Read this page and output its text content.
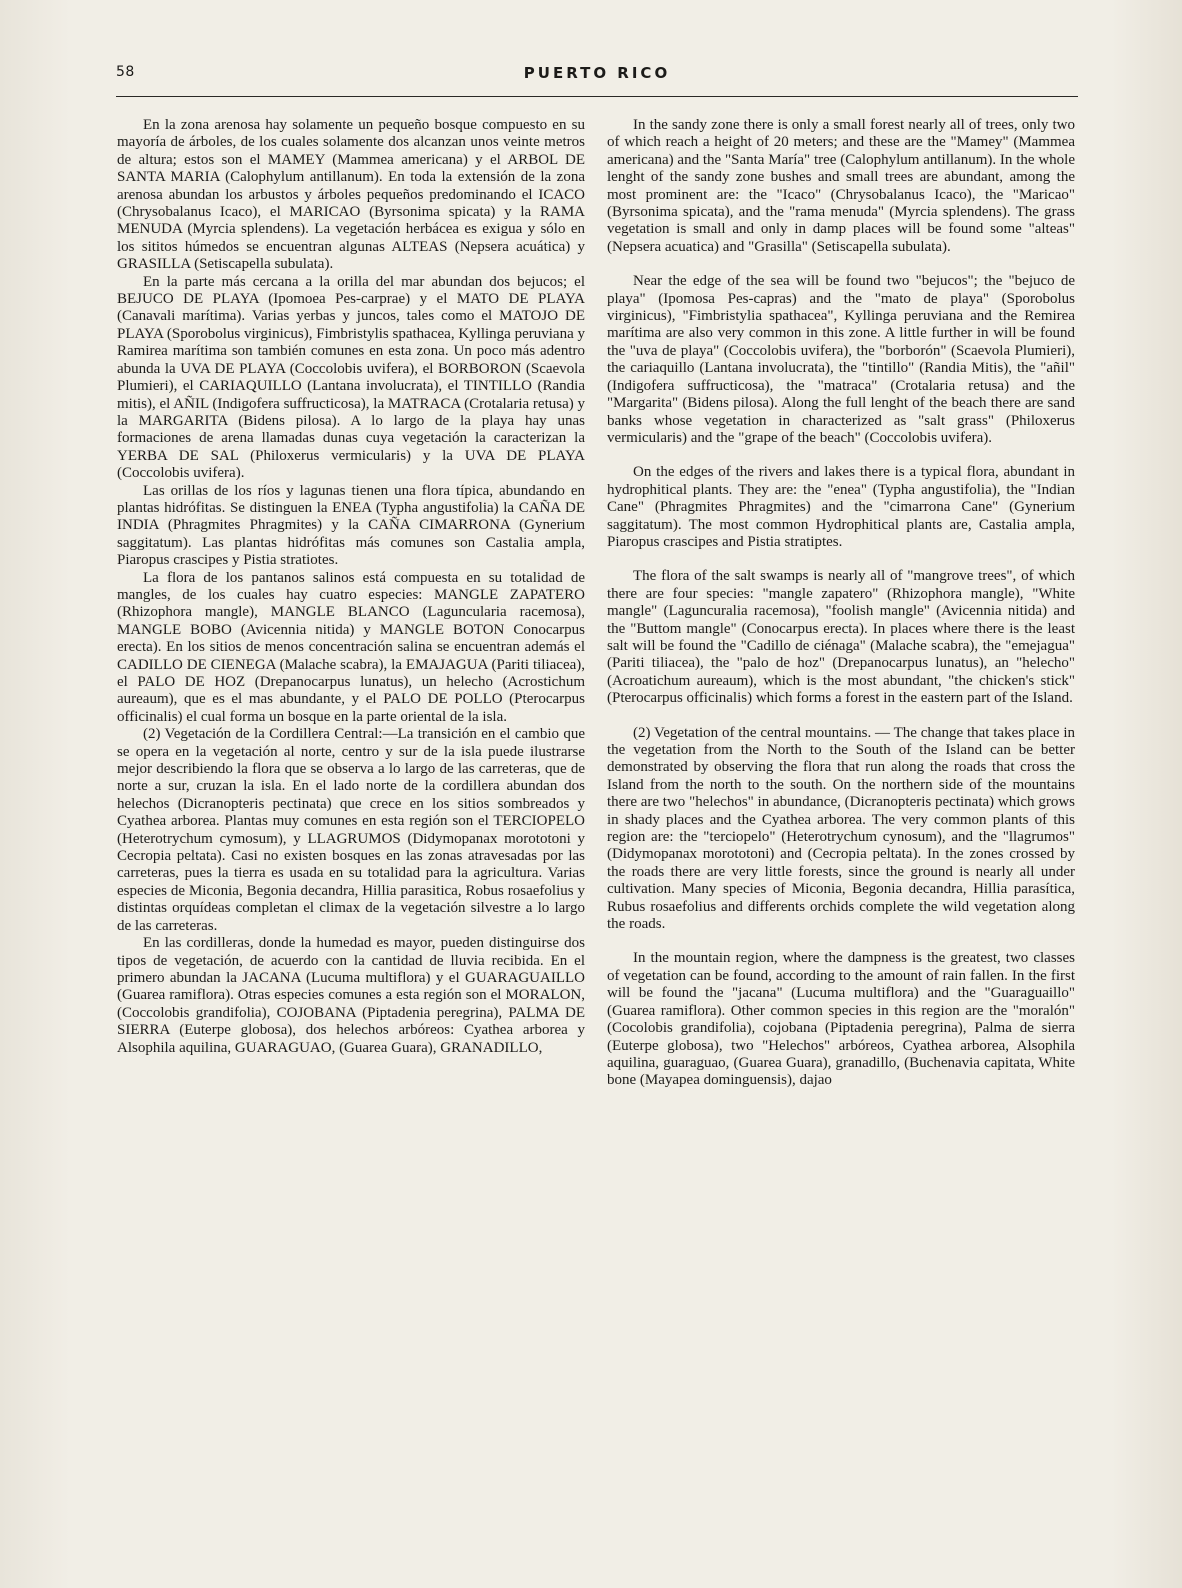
58	PUERTO RICO

En la zona arenosa hay solamente un pequeño bosque compuesto en su mayoría de árboles, de los cuales solamente dos alcanzan unos veinte metros de altura; estos son el MAMEY (Mammea americana) y el ARBOL DE SANTA MARIA (Calophylum antillanum). En toda la extensión de la zona arenosa abundan los arbustos y árboles pequeños predominando el ICACO (Chrysobalanus Icaco), el MARICAO (Byrsonima spicata) y la RAMA MENUDA (Myrcia splendens). La vegetación herbácea es exigua y sólo en los sititos húmedos se encuentran algunas ALTEAS (Nepsera acuática) y GRASILLA (Setiscapella subulata).

En la parte más cercana a la orilla del mar abundan dos bejucos; el BEJUCO DE PLAYA (Ipomoea Pes-carprae) y el MATO DE PLAYA (Canavali marítima). Varias yerbas y juncos, tales como el MATOJO DE PLAYA (Sporobolus virginicus), Fimbristylis spathacea, Kyllinga peruviana y Ramirea marítima son también comunes en esta zona. Un poco más adentro abunda la UVA DE PLAYA (Coccolobis uvifera), el BORBORON (Scaevola Plumieri), el CARIAQUILLO (Lantana involucrata), el TINTILLO (Randia mitis), el AÑIL (Indigofera suffructicosa), la MATRACA (Crotalaria retusa) y la MARGARITA (Bidens pilosa). A lo largo de la playa hay unas formaciones de arena llamadas dunas cuya vegetación la caracterizan la YERBA DE SAL (Philoxerus vermicularis) y la UVA DE PLAYA (Coccolobis uvifera).

Las orillas de los ríos y lagunas tienen una flora típica, abundando en plantas hidrófitas. Se distinguen la ENEA (Typha angustifolia) la CAÑA DE INDIA (Phragmites Phragmites) y la CAÑA CIMARRONA (Gynerium saggitatum). Las plantas hidrófitas más comunes son Castalia ampla, Piaropus crascipes y Pistia stratiotes.

La flora de los pantanos salinos está compuesta en su totalidad de mangles, de los cuales hay cuatro especies: MANGLE ZAPATERO (Rhizophora mangle), MANGLE BLANCO (Laguncularia racemosa), MANGLE BOBO (Avicennia nitida) y MANGLE BOTON Conocarpus erecta). En los sitios de menos concentración salina se encuentran además el CADILLO DE CIENEGA (Malache scabra), la EMAJAGUA (Pariti tiliacea), el PALO DE HOZ (Drepanocarpus lunatus), un helecho (Acrostichum aureaum), que es el mas abundante, y el PALO DE POLLO (Pterocarpus officinalis) el cual forma un bosque en la parte oriental de la isla.

(2) Vegetación de la Cordillera Central:—La transición en el cambio que se opera en la vegetación al norte, centro y sur de la isla puede ilustrarse mejor describiendo la flora que se observa a lo largo de las carreteras, que de norte a sur, cruzan la isla. En el lado norte de la cordillera abundan dos helechos (Dicranopteris pectinata) que crece en los sitios sombreados y Cyathea arborea. Plantas muy comunes en esta región son el TERCIOPELO (Heterotrychum cymosum), y LLAGRUMOS (Didymopanax morototoni y Cecropia peltata). Casi no existen bosques en las zonas atravesadas por las carreteras, pues la tierra es usada en su totalidad para la agricultura. Varias especies de Miconia, Begonia decandra, Hillia parasitica, Robus rosaefolius y distintas orquídeas completan el climax de la vegetación silvestre a lo largo de las carreteras.

En las cordilleras, donde la humedad es mayor, pueden distinguirse dos tipos de vegetación, de acuerdo con la cantidad de lluvia recibida. En el primero abundan la JACANA (Lucuma multiflora) y el GUARAGUAILLO (Guarea ramiflora). Otras especies comunes a esta región son el MORALON, (Coccolobis grandifolia), COJOBANA (Piptadenia peregrina), PALMA DE SIERRA (Euterpe globosa), dos helechos arbóreos: Cyathea arborea y Alsophila aquilina, GUARAGUAO, (Guarea Guara), GRANADILLO,

In the sandy zone there is only a small forest nearly all of trees, only two of which reach a height of 20 meters; and these are the "Mamey" (Mammea americana) and the "Santa María" tree (Calophylum antillanum). In the whole lenght of the sandy zone bushes and small trees are abundant, among the most prominent are: the "Icaco" (Chrysobalanus Icaco), the "Maricao" (Byrsonima spicata), and the "rama menuda" (Myrcia splendens). The grass vegetation is small and only in damp places will be found some "alteas" (Nepsera acuatica) and "Grasilla" (Setiscapella subulata).

Near the edge of the sea will be found two "bejucos"; the "bejuco de playa" (Ipomosa Pes-capras) and the "mato de playa" (Sporobolus virginicus), "Fimbristylia spathacea", Kyllinga peruviana and the Remirea marítima are also very common in this zone. A little further in will be found the "uva de playa" (Coccolobis uvifera), the "borborón" (Scaevola Plumieri), the cariaquillo (Lantana involucrata), the "tintillo" (Randia Mitis), the "añil" (Indigofera suffructicosa), the "matraca" (Crotalaria retusa) and the "Margarita" (Bidens pilosa). Along the full lenght of the beach there are sand banks whose vegetation in characterized as "salt grass" (Philoxerus vermicularis) and the "grape of the beach" (Coccolobis uvifera).

On the edges of the rivers and lakes there is a typical flora, abundant in hydrophitical plants. They are: the "enea" (Typha angustifolia), the "Indian Cane" (Phragmites Phragmites) and the "cimarrona Cane" (Gynerium saggitatum). The most common Hydrophitical plants are, Castalia ampla, Piaropus crascipes and Pistia stratiptes.

The flora of the salt swamps is nearly all of "mangrove trees", of which there are four species: "mangle zapatero" (Rhizophora mangle), "White mangle" (Laguncuralia racemosa), "foolish mangle" (Avicennia nitida) and the "Buttom mangle" (Conocarpus erecta). In places where there is the least salt will be found the "Cadillo de ciénaga" (Malache scabra), the "emejagua" (Pariti tiliacea), the "palo de hoz" (Drepanocarpus lunatus), an "helecho" (Acroatichum aureaum), which is the most abundant, "the chicken's stick" (Pterocarpus officinalis) which forms a forest in the eastern part of the Island.

(2) Vegetation of the central mountains. — The change that takes place in the vegetation from the North to the South of the Island can be better demonstrated by observing the flora that run along the roads that cross the Island from the north to the south. On the northern side of the mountains there are two "helechos" in abundance, (Dicranopteris pectinata) which grows in shady places and the Cyathea arborea. The very common plants of this region are: the "terciopelo" (Heterotrychum cynosum), and the "llagrumos" (Didymopanax morototoni) and (Cecropia peltata). In the zones crossed by the roads there are very little forests, since the ground is nearly all under cultivation. Many species of Miconia, Begonia decandra, Hillia parasítica, Rubus rosaefolius and differents orchids complete the wild vegetation along the roads.

In the mountain region, where the dampness is the greatest, two classes of vegetation can be found, according to the amount of rain fallen. In the first will be found the "jacana" (Lucuma multiflora) and the "Guaraguaillo" (Guarea ramiflora). Other common species in this region are the "moralón" (Cocolobis grandifolia), cojobana (Piptadenia peregrina), Palma de sierra (Euterpe globosa), two "Helechos" arbóreos, Cyathea arborea, Alsophila aquilina, guaraguao, (Guarea Guara), granadillo, (Buchenavia capitata, White bone (Mayapea dominguensis), dajao
